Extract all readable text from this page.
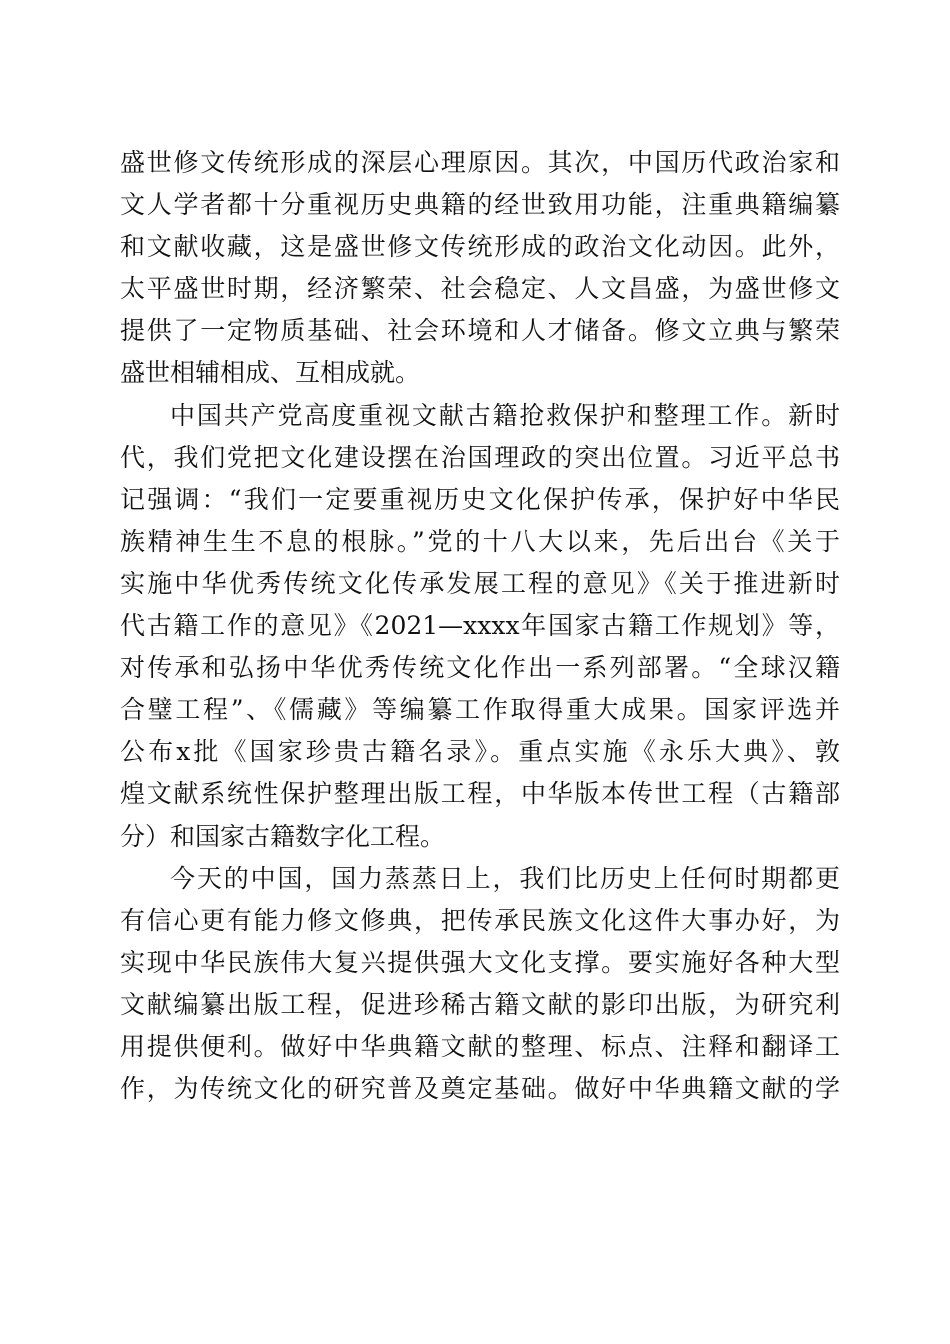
盛世修文传统形成的深层心理原因。其次，中国历代政治家和
文人学者都十分重视历史典籍的经世致用功能，注重典籍编纂
和文献收藏，这是盛世修文传统形成的政治文化动因。此外，
太平盛世时期，经济繁荣、社会稳定、人文昌盛，为盛世修文
提供了一定物质基础、社会环境和人才储备。修文立典与繁荣
盛世相辅相成、互相成就。
中国共产党高度重视文献古籍抢救保护和整理工作。新时
代，我们党把文化建设摆在治国理政的突出位置。习近平总书
记强调：“我们一定要重视历史文化保护传承，保护好中华民
族精神生生不息的根脉。”党的十八大以来，先后出台《关于
实施中华优秀传统文化传承发展工程的意见》《关于推进新时
代古籍工作的意见》《2021—xxxx年国家古籍工作规划》等，
对传承和弘扬中华优秀传统文化作出一系列部署。“全球汉籍
合璧工程”、《儒藏》等编纂工作取得重大成果。国家评选并
公布x批《国家珍贵古籍名录》。重点实施《永乐大典》、敦
煌文献系统性保护整理出版工程，中华版本传世工程（古籍部
分）和国家古籍数字化工程。
今天的中国，国力蒸蒸日上，我们比历史上任何时期都更
有信心更有能力修文修典，把传承民族文化这件大事办好，为
实现中华民族伟大复兴提供强大文化支撑。要实施好各种大型
文献编纂出版工程，促进珍稀古籍文献的影印出版，为研究利
用提供便利。做好中华典籍文献的整理、标点、注释和翻译工
作，为传统文化的研究普及奠定基础。做好中华典籍文献的学
